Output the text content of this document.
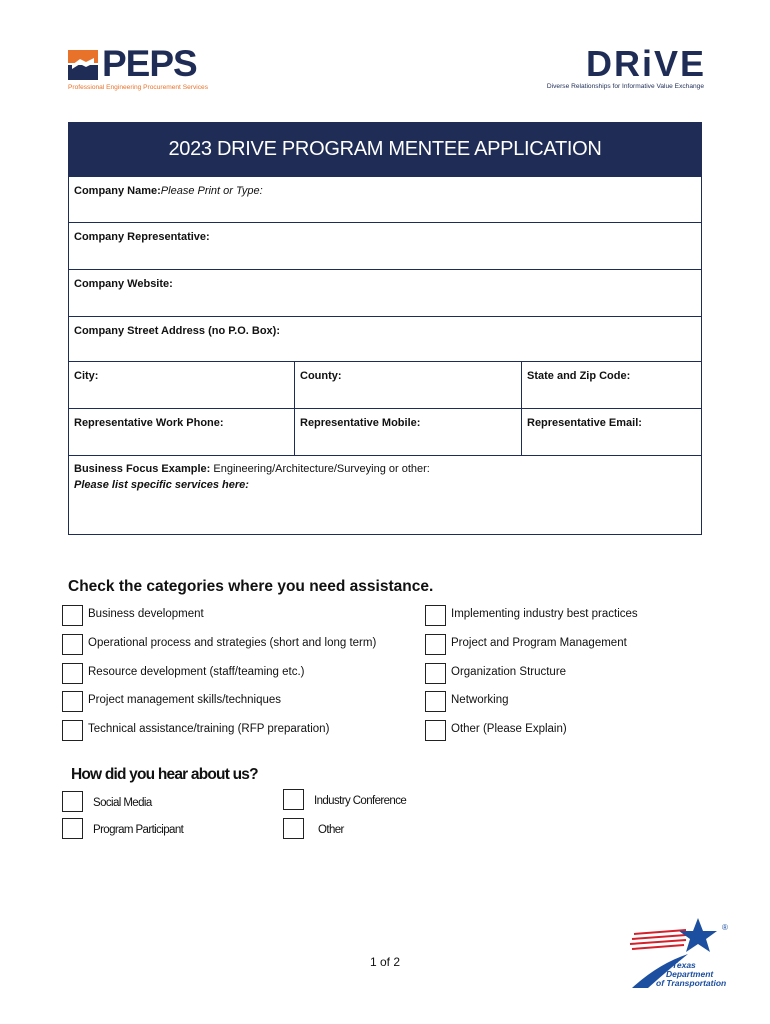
PEPS
Professional Engineering Procurement Services
DRiVE
Diverse Relationships for Informative Value Exchange
2023 DRIVE PROGRAM MENTEE APPLICATION
Company Name:Please Print or Type:
Company Representative:
Company Website:
Company Street Address (no P.O. Box):
City:	County:	State and Zip Code:
Representative Work Phone:	Representative Mobile:	Representative Email:
Business Focus Example: Engineering/Architecture/Surveying or other:
Please list specific services here:
Check the categories where you need assistance.
Business development
Operational process and strategies (short and long term)
Resource development (staff/teaming etc.)
Project management skills/techniques
Technical assistance/training (RFP preparation)
Implementing industry best practices
Project and Program Management
Organization Structure
Networking
Other (Please Explain)
How did you hear about us?
Social Media	Industry Conference
Program Participant	Other
1 of 2
®
Texas
Department
of Transportation
